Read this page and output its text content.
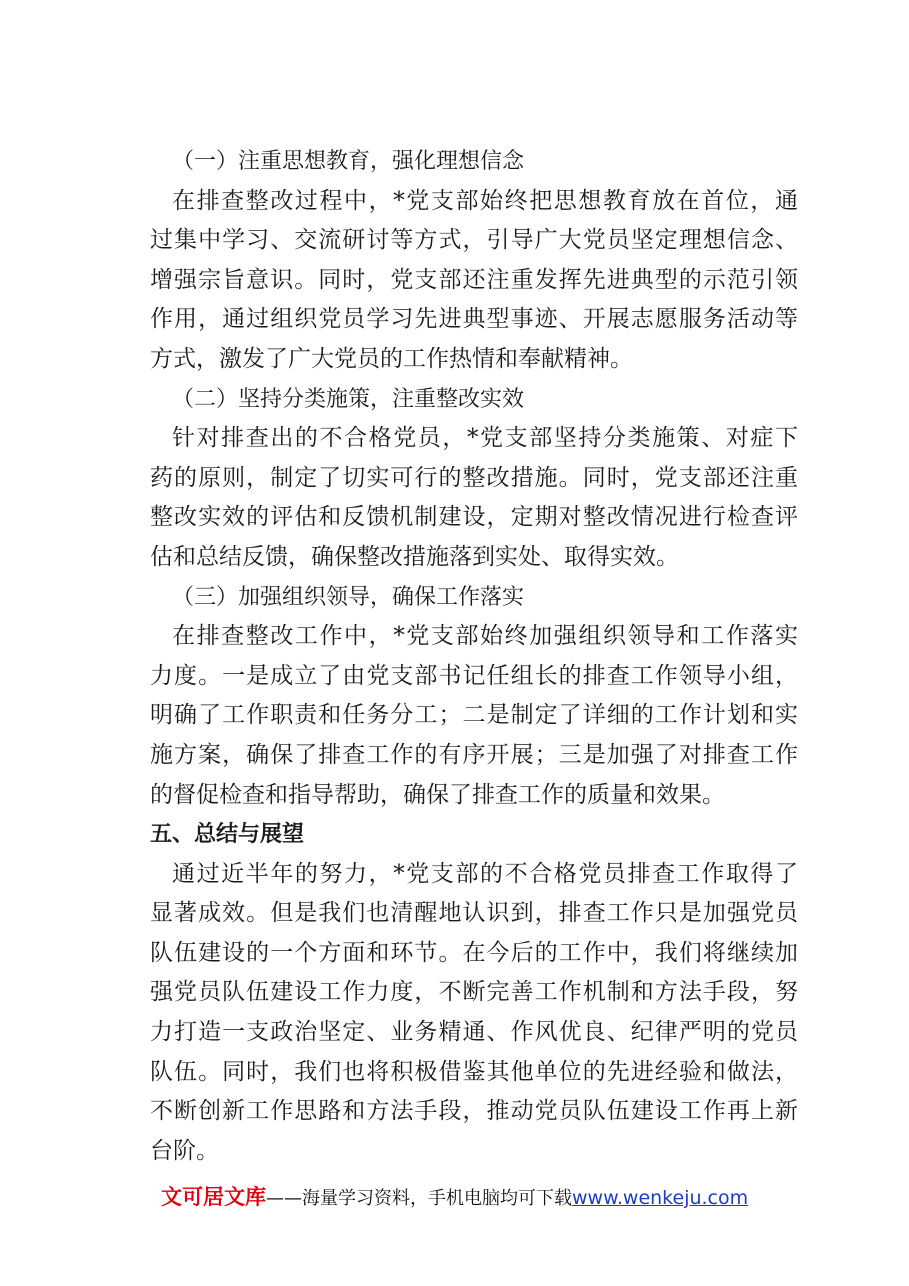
（一）注重思想教育，强化理想信念
在排查整改过程中，*党支部始终把思想教育放在首位，通
过集中学习、交流研讨等方式，引导广大党员坚定理想信念、
增强宗旨意识。同时，党支部还注重发挥先进典型的示范引领
作用，通过组织党员学习先进典型事迹、开展志愿服务活动等
方式，激发了广大党员的工作热情和奉献精神。
（二）坚持分类施策，注重整改实效
针对排查出的不合格党员，*党支部坚持分类施策、对症下
药的原则，制定了切实可行的整改措施。同时，党支部还注重
整改实效的评估和反馈机制建设，定期对整改情况进行检查评
估和总结反馈，确保整改措施落到实处、取得实效。
（三）加强组织领导，确保工作落实
在排查整改工作中，*党支部始终加强组织领导和工作落实
力度。一是成立了由党支部书记任组长的排查工作领导小组，
明确了工作职责和任务分工；二是制定了详细的工作计划和实
施方案，确保了排查工作的有序开展；三是加强了对排查工作
的督促检查和指导帮助，确保了排查工作的质量和效果。
五、总结与展望
通过近半年的努力，*党支部的不合格党员排查工作取得了
显著成效。但是我们也清醒地认识到，排查工作只是加强党员
队伍建设的一个方面和环节。在今后的工作中，我们将继续加
强党员队伍建设工作力度，不断完善工作机制和方法手段，努
力打造一支政治坚定、业务精通、作风优良、纪律严明的党员
队伍。同时，我们也将积极借鉴其他单位的先进经验和做法，
不断创新工作思路和方法手段，推动党员队伍建设工作再上新
台阶。
文可居文库——海量学习资料，手机电脑均可下载www.wenkeju.com
